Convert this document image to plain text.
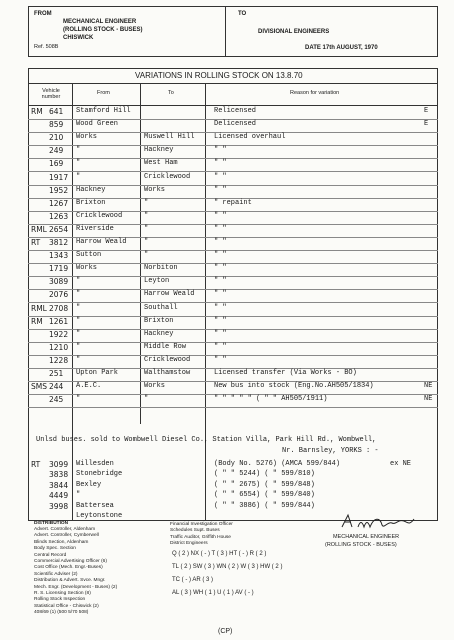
FROM
MECHANICAL ENGINEER
(ROLLING STOCK - BUSES)
CHISWICK
Ref. 508B
TO
DIVISIONAL ENGINEERS
DATE 17th AUGUST, 1970
VARIATIONS IN ROLLING STOCK ON 13.8.70
Vehicle number
From	To	Reason for variation
RM 641 Stamford Hill	Relicensed	E
859 Wood Green	Delicensed	E
210 Works	Muswell Hill	Licensed overhaul
249 "	Hackney	" "
169 "	West Ham	" "
1917 "	Cricklewood	" "
1952 Hackney	Works	" "
1267 Brixton	"	" repaint
1263 Cricklewood	"	" "
RML 2654 Riverside	"	" "
RT 3812 Harrow Weald	"	" "
1343 Sutton	"	" "
1719 Works	Norbiton	" "
3089 "	Leyton	" "
2076 "	Harrow Weald	" "
RML 2708 "	Southall	" "
RM 1261 "	Brixton	" "
1922 "	Hackney	" "
1210 "	Middle Row	" "
1228 "	Cricklewood	" "
251 Upton Park	Walthamstow	Licensed transfer (Via Works - BO)
SMS 244 A.E.C.	Works	New bus into stock (Eng.No.AH505/1834)	NE
245 "	"	" " " " " ( " " AH505/1911)	NE
Unlsd buses. sold to Wombwell Diesel Co., Station Villa, Park Hill Rd., Wombwell,
Nr. Barnsley, YORKS : -
RT 3099 Willesden	(Body No. 5276) (AMCA 599/844)	ex NE
3838 Stonebridge	( " " 5244) ( " 599/810)
3844 Bexley	( " " 2675) ( " 599/848)
4449 "	( " " 6554) ( " 599/840)
3998 Battersea	( " " 3886) ( " 599/844)
Leytonstone
DISTRIBUTION
Advert. Controller, Aldenham
Advert. Controller, Cymberwell
Blinds Section, Aldenham
Body Spec. Section
Central Record
Commercial Advertising Officer (6)
Cost Office (Mech. Engr.-Buses)
Scientific Adviser (2)
Distribution & Advert. Svce. Mngr.
Mech. Engr. (Development - Buses) (2)
R. S. Licensing Section (8)
Rolling Stock Inspection
Statistical Office - Chiswick (2)
408/69 (1) (500 5/70 508)
Financial Investigation Officer
Schedules Supt. Buses
Traffic Auditor, Griffith House
District Engineers
Q ( 2 ) NX ( - ) T ( 3 ) HT ( - ) R ( 2 )
TL ( 2 ) SW ( 3 ) WN ( 2 ) W ( 3 ) HW ( 2 )
TC ( - ) AR ( 3 )
AL ( 3 ) WH ( 1 ) U ( 1 ) AV ( - )
MECHANICAL ENGINEER
(ROLLING STOCK - BUSES)
(CP)
